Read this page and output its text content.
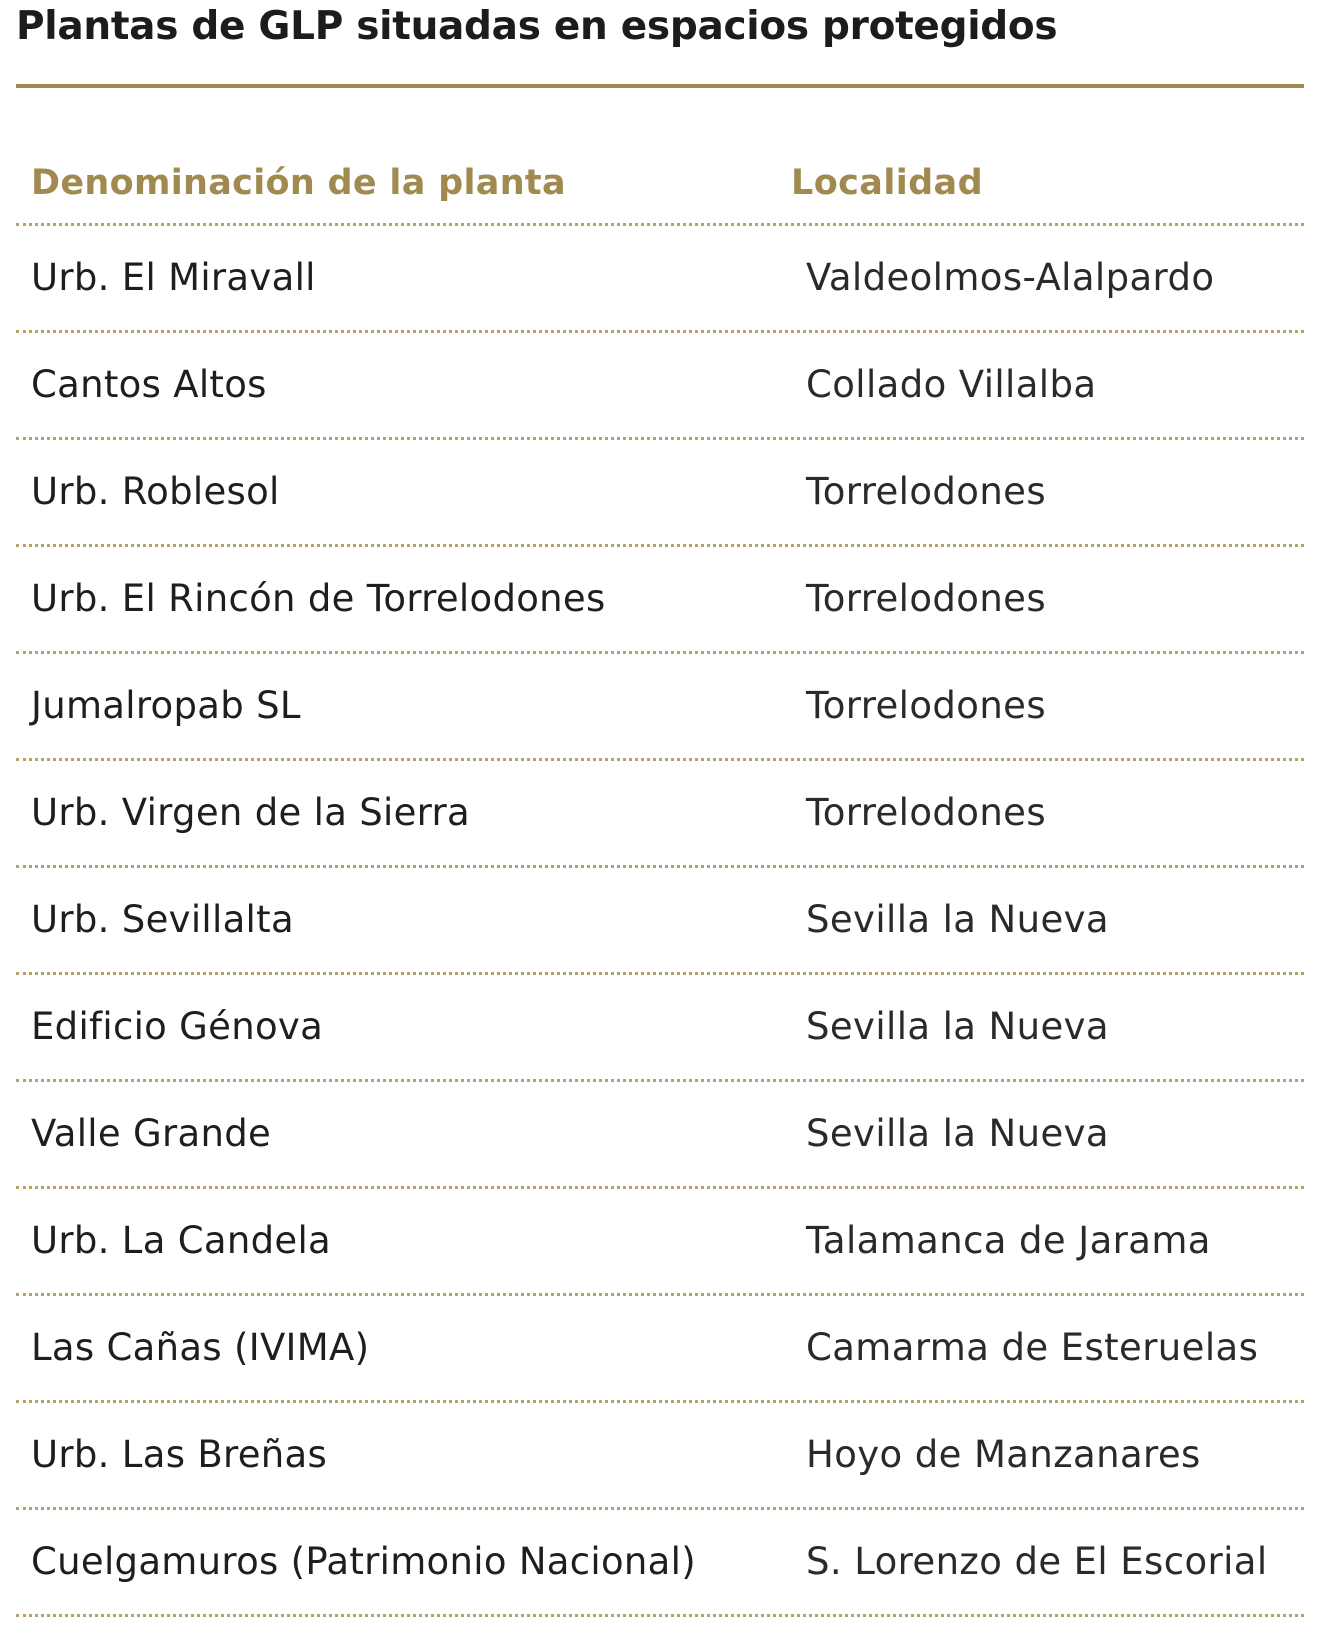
Plantas de GLP situadas en espacios protegidos
Denominación de la planta	Localidad
Urb. El Miravall	Valdeolmos-Alalpardo
Cantos Altos	Collado Villalba
Urb. Roblesol	Torrelodones
Urb. El Rincón de Torrelodones	Torrelodones
Jumalropab SL	Torrelodones
Urb. Virgen de la Sierra	Torrelodones
Urb. Sevillalta	Sevilla la Nueva
Edificio Génova	Sevilla la Nueva
Valle Grande	Sevilla la Nueva
Urb. La Candela	Talamanca de Jarama
Las Cañas (IVIMA)	Camarma de Esteruelas
Urb. Las Breñas	Hoyo de Manzanares
Cuelgamuros (Patrimonio Nacional)	S. Lorenzo de El Escorial
